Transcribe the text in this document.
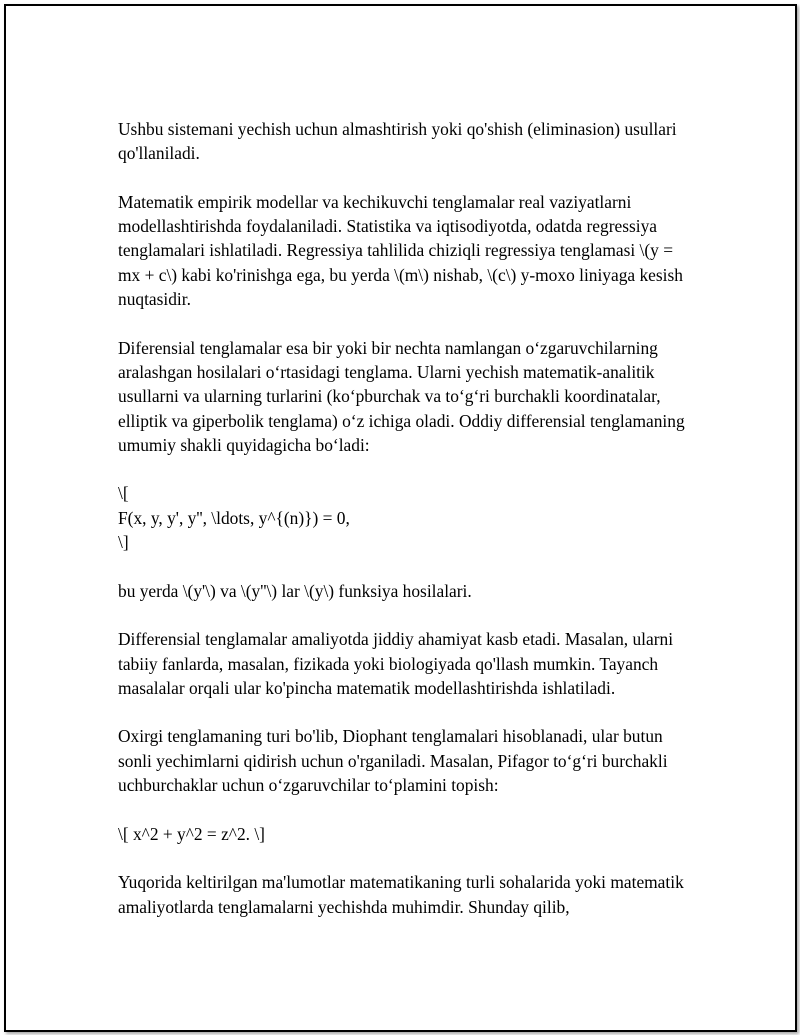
Ushbu sistemani yechish uchun almashtirish yoki qo'shish (eliminasion) usullari qo'llaniladi.

Matematik empirik modellar va kechikuvchi tenglamalar real vaziyatlarni modellashtirishda foydalaniladi. Statistika va iqtisodiyotda, odatda regressiya tenglamalari ishlatiladi. Regressiya tahlilida chiziqli regressiya tenglamasi \(y = mx + c\) kabi ko'rinishga ega, bu yerda \(m\) nishab, \(c\) y-moxo liniyaga kesish nuqtasidir.

Diferensial tenglamalar esa bir yoki bir nechta namlangan o‘zgaruvchilarning aralashgan hosilalari o‘rtasidagi tenglama. Ularni yechish matematik-analitik usullarni va ularning turlarini (ko‘pburchak va to‘g‘ri burchakli koordinatalar, elliptik va giperbolik tenglama) o‘z ichiga oladi. Oddiy differensial tenglamaning umumiy shakli quyidagicha bo‘ladi:

\[
F(x, y, y', y'', \ldots, y^{(n)}) = 0,
\]

bu yerda \(y'\) va \(y''\) lar \(y\) funksiya hosilalari.

Differensial tenglamalar amaliyotda jiddiy ahamiyat kasb etadi. Masalan, ularni tabiiy fanlarda, masalan, fizikada yoki biologiyada qo'llash mumkin. Tayanch masalalar orqali ular ko'pincha matematik modellashtirishda ishlatiladi.

Oxirgi tenglamaning turi bo'lib, Diophant tenglamalari hisoblanadi, ular butun sonli yechimlarni qidirish uchun o'rganiladi. Masalan, Pifagor to‘g‘ri burchakli uchburchaklar uchun o‘zgaruvchilar to‘plamini topish:

\[ x^2 + y^2 = z^2. \]

Yuqorida keltirilgan ma'lumotlar matematikaning turli sohalarida yoki matematik amaliyotlarda tenglamalarni yechishda muhimdir. Shunday qilib,
